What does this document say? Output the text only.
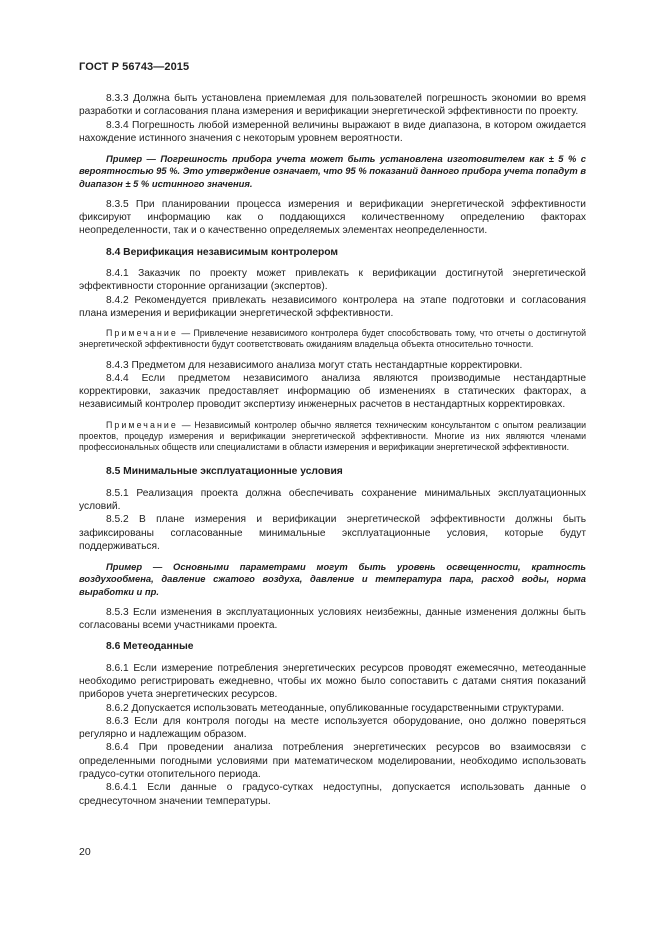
ГОСТ Р 56743—2015

8.3.3 Должна быть установлена приемлемая для пользователей погрешность экономии во время разработки и согласования плана измерения и верификации энергетической эффективности по проекту.

8.3.4 Погрешность любой измеренной величины выражают в виде диапазона, в котором ожидается нахождение истинного значения с некоторым уровнем вероятности.

Пример — Погрешность прибора учета может быть установлена изготовителем как ± 5 % с вероятностью 95 %. Это утверждение означает, что 95 % показаний данного прибора учета попадут в диапазон ± 5 % истинного значения.

8.3.5 При планировании процесса измерения и верификации энергетической эффективности фиксируют информацию как о поддающихся количественному определению факторах неопределенности, так и о качественно определяемых элементах неопределенности.

8.4 Верификация независимым контролером

8.4.1 Заказчик по проекту может привлекать к верификации достигнутой энергетической эффективности сторонние организации (экспертов).

8.4.2 Рекомендуется привлекать независимого контролера на этапе подготовки и согласования плана измерения и верификации энергетической эффективности.

Примечание — Привлечение независимого контролера будет способствовать тому, что отчеты о достигнутой энергетической эффективности будут соответствовать ожиданиям владельца объекта относительно точности.

8.4.3 Предметом для независимого анализа могут стать нестандартные корректировки.

8.4.4 Если предметом независимого анализа являются производимые нестандартные корректировки, заказчик предоставляет информацию об изменениях в статических факторах, а независимый контролер проводит экспертизу инженерных расчетов в нестандартных корректировках.

Примечание — Независимый контролер обычно является техническим консультантом с опытом реализации проектов, процедур измерения и верификации энергетической эффективности. Многие из них являются членами профессиональных обществ или специалистами в области измерения и верификации энергетической эффективности.

8.5 Минимальные эксплуатационные условия

8.5.1 Реализация проекта должна обеспечивать сохранение минимальных эксплуатационных условий.

8.5.2 В плане измерения и верификации энергетической эффективности должны быть зафиксированы согласованные минимальные эксплуатационные условия, которые будут поддерживаться.

Пример — Основными параметрами могут быть уровень освещенности, кратность воздухообмена, давление сжатого воздуха, давление и температура пара, расход воды, норма выработки и пр.

8.5.3 Если изменения в эксплуатационных условиях неизбежны, данные изменения должны быть согласованы всеми участниками проекта.

8.6 Метеоданные

8.6.1 Если измерение потребления энергетических ресурсов проводят ежемесячно, метеоданные необходимо регистрировать ежедневно, чтобы их можно было сопоставить с датами снятия показаний приборов учета энергетических ресурсов.

8.6.2 Допускается использовать метеоданные, опубликованные государственными структурами.

8.6.3 Если для контроля погоды на месте используется оборудование, оно должно поверяться регулярно и надлежащим образом.

8.6.4 При проведении анализа потребления энергетических ресурсов во взаимосвязи с определенными погодными условиями при математическом моделировании, необходимо использовать градусо-сутки отопительного периода.

8.6.4.1 Если данные о градусо-сутках недоступны, допускается использовать данные о среднесуточном значении температуры.

20
